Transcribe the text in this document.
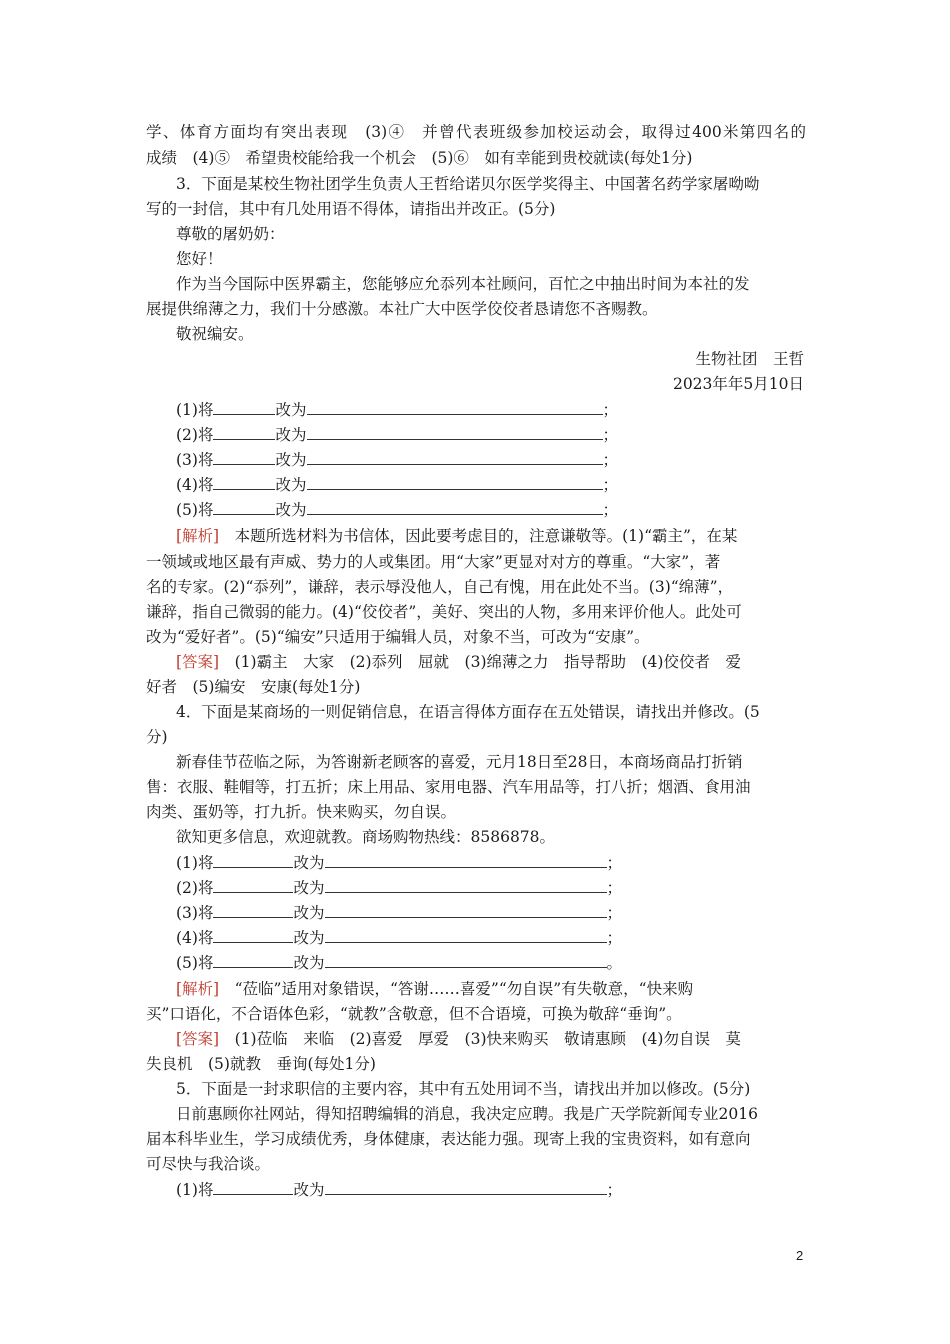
学、体育方面均有突出表现　(3)④　并曾代表班级参加校运动会，取得过400米第四名的
成绩　(4)⑤　希望贵校能给我一个机会　(5)⑥　如有幸能到贵校就读(每处1分)
3．下面是某校生物社团学生负责人王哲给诺贝尔医学奖得主、中国著名药学家屠呦呦
写的一封信，其中有几处用语不得体，请指出并改正。(5分)
尊敬的屠奶奶：
您好！
作为当今国际中医界霸主，您能够应允忝列本社顾问，百忙之中抽出时间为本社的发
展提供绵薄之力，我们十分感激。本社广大中医学佼佼者恳请您不吝赐教。
敬祝编安。
生物社团　王哲
2023年年5月10日
(1)将	改为	；
(2)将	改为	；
(3)将	改为	；
(4)将	改为	；
(5)将	改为	；
[解析]　 本题所选材料为书信体，因此要考虑目的，注意谦敬等。(1)“霸主”，在某
一领域或地区最有声威、势力的人或集团。用“大家”更显对对方的尊重。“大家”，著
名的专家。(2)“忝列”，谦辞，表示辱没他人，自己有愧，用在此处不当。(3)“绵薄”，
谦辞，指自己微弱的能力。(4)“佼佼者”，美好、突出的人物，多用来评价他人。此处可
改为“爱好者”。(5)“编安”只适用于编辑人员，对象不当，可改为“安康”。
[答案]　 (1)霸主　大家　(2)忝列　屈就　(3)绵薄之力　指导帮助　(4)佼佼者　爱
好者　(5)编安　安康(每处1分)
4．下面是某商场的一则促销信息，在语言得体方面存在五处错误，请找出并修改。(5
分)
新春佳节莅临之际，为答谢新老顾客的喜爱，元月18日至28日，本商场商品打折销
售：衣服、鞋帽等，打五折；床上用品、家用电器、汽车用品等，打八折；烟酒、食用油
肉类、蛋奶等，打九折。快来购买，勿自误。
欲知更多信息，欢迎就教。商场购物热线：8586878。
(1)将	改为	；
(2)将	改为	；
(3)将	改为	；
(4)将	改为	；
(5)将	改为	。
[解析]　 “莅临”适用对象错误，“答谢……喜爱”“勿自误”有失敬意，“快来购
买”口语化，不合语体色彩，“就教”含敬意，但不合语境，可换为敬辞“垂询”。
[答案]　 (1)莅临　来临　(2)喜爱　厚爱　(3)快来购买　敬请惠顾　(4)勿自误　莫
失良机　(5)就教　垂询(每处1分)
5．下面是一封求职信的主要内容，其中有五处用词不当，请找出并加以修改。(5分)
日前惠顾你社网站，得知招聘编辑的消息，我决定应聘。我是广天学院新闻专业2016
届本科毕业生，学习成绩优秀，身体健康，表达能力强。现寄上我的宝贵资料，如有意向
可尽快与我洽谈。
(1)将	改为	；
2
